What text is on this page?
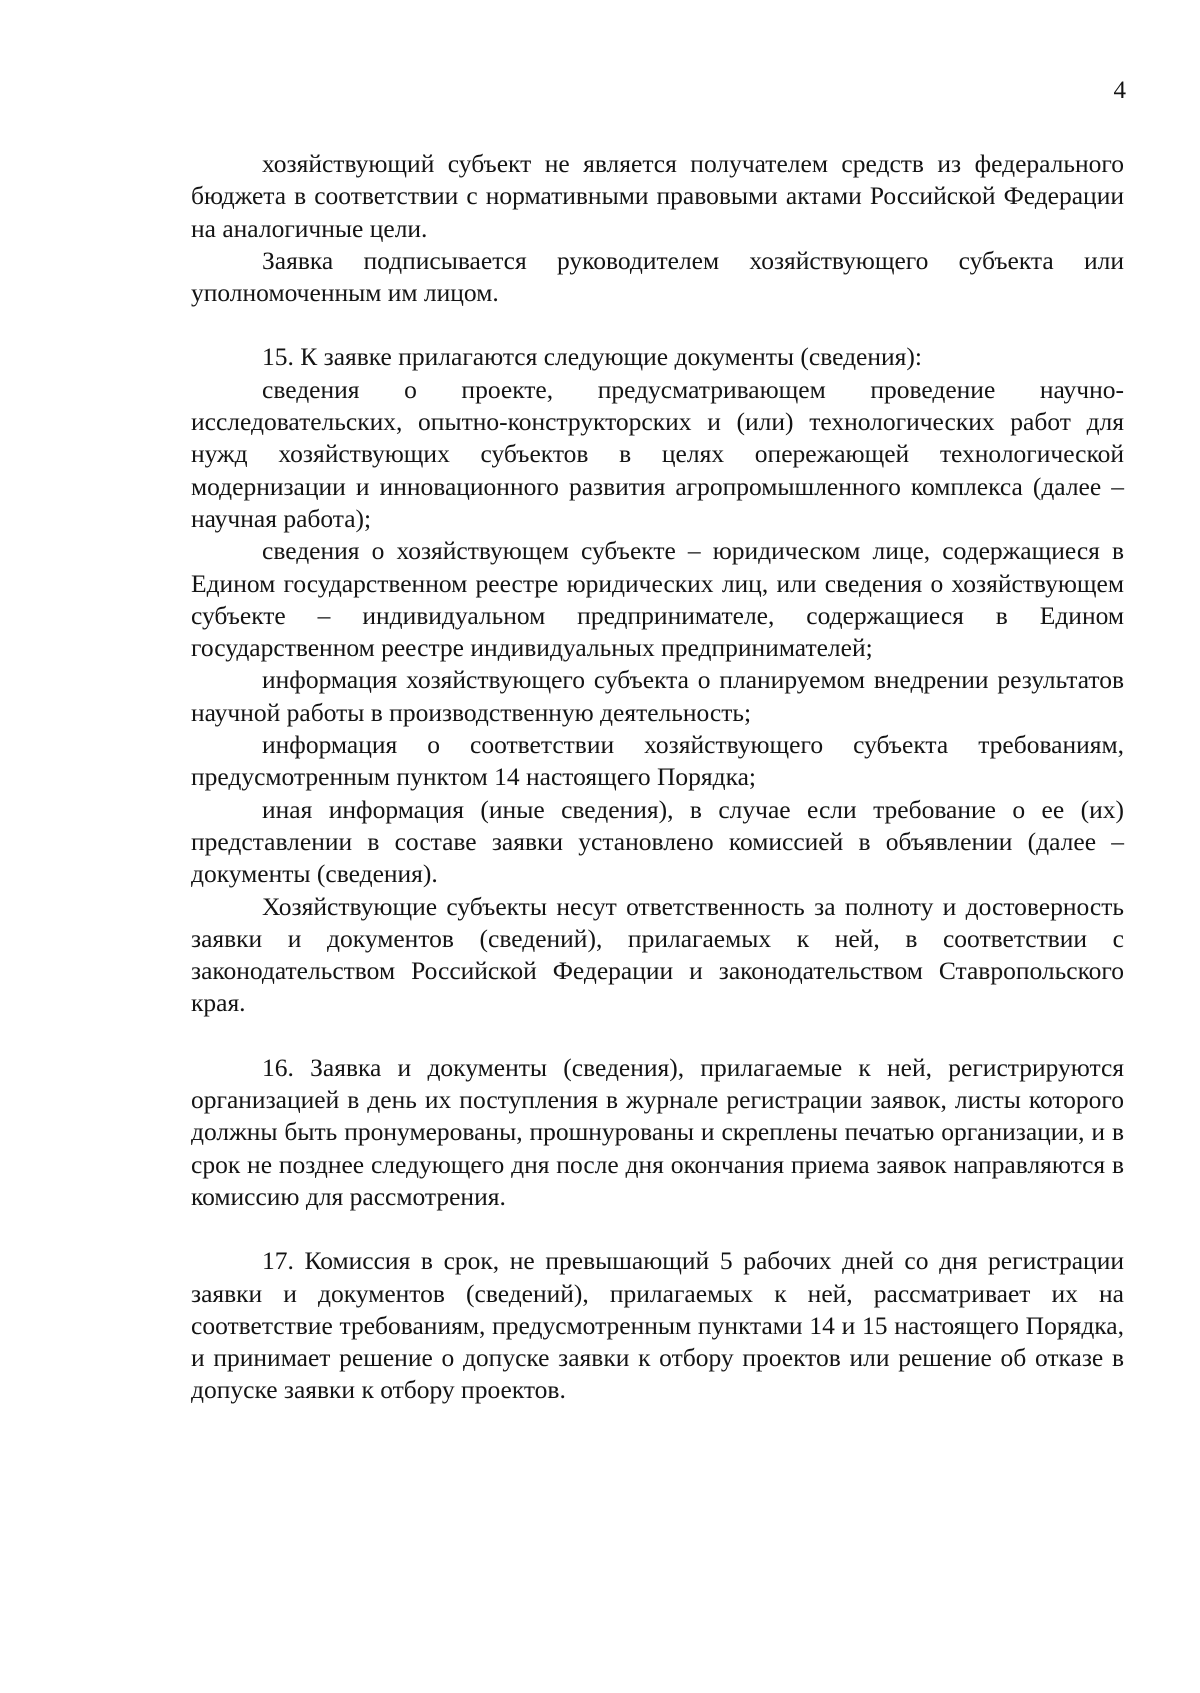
4

хозяйствующий субъект не является получателем средств из федерального бюджета в соответствии с нормативными правовыми актами Российской Федерации на аналогичные цели.

Заявка подписывается руководителем хозяйствующего субъекта или уполномоченным им лицом.

15. К заявке прилагаются следующие документы (сведения):

сведения о проекте, предусматривающем проведение научно-исследовательских, опытно-конструкторских и (или) технологических работ для нужд хозяйствующих субъектов в целях опережающей технологической модернизации и инновационного развития агропромышленного комплекса (далее – научная работа);

сведения о хозяйствующем субъекте – юридическом лице, содержащиеся в Едином государственном реестре юридических лиц, или сведения о хозяйствующем субъекте – индивидуальном предпринимателе, содержащиеся в Едином государственном реестре индивидуальных предпринимателей;

информация хозяйствующего субъекта о планируемом внедрении результатов научной работы в производственную деятельность;

информация о соответствии хозяйствующего субъекта требованиям, предусмотренным пунктом 14 настоящего Порядка;

иная информация (иные сведения), в случае если требование о ее (их) представлении в составе заявки установлено комиссией в объявлении (далее – документы (сведения).

Хозяйствующие субъекты несут ответственность за полноту и достоверность заявки и документов (сведений), прилагаемых к ней, в соответствии с законодательством Российской Федерации и законодательством Ставропольского края.

16. Заявка и документы (сведения), прилагаемые к ней, регистрируются организацией в день их поступления в журнале регистрации заявок, листы которого должны быть пронумерованы, прошнурованы и скреплены печатью организации, и в срок не позднее следующего дня после дня окончания приема заявок направляются в комиссию для рассмотрения.

17. Комиссия в срок, не превышающий 5 рабочих дней со дня регистрации заявки и документов (сведений), прилагаемых к ней, рассматривает их на соответствие требованиям, предусмотренным пунктами 14 и 15 настоящего Порядка, и принимает решение о допуске заявки к отбору проектов или решение об отказе в допуске заявки к отбору проектов.
